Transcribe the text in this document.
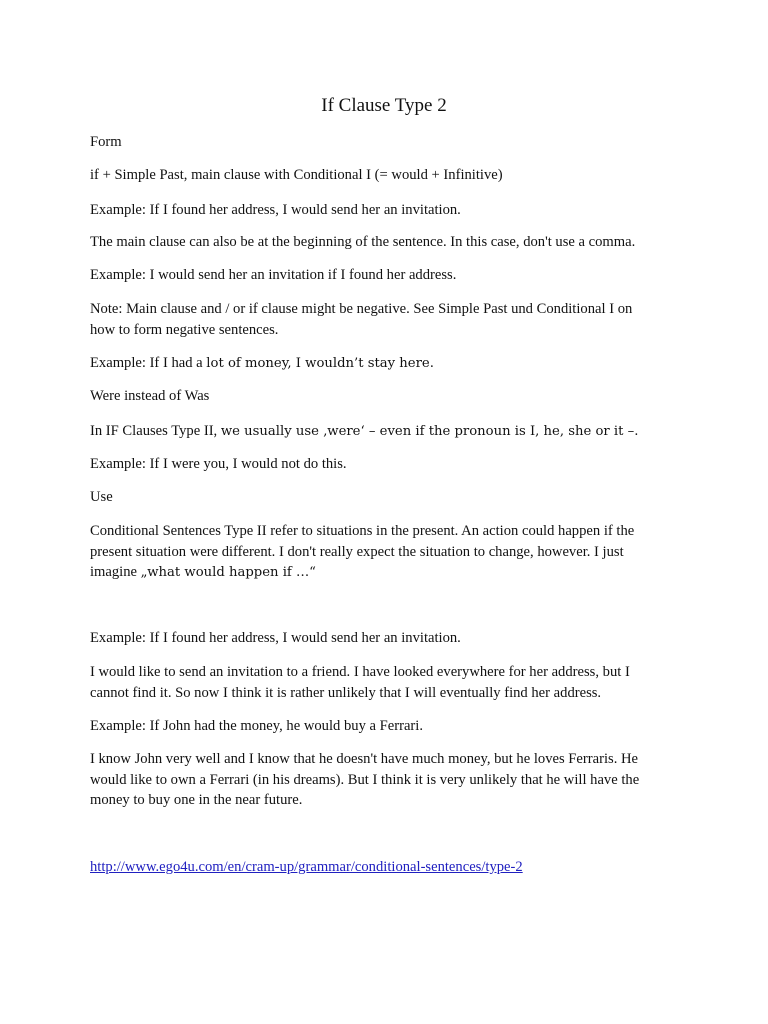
If Clause Type 2

Form

if + Simple Past, main clause with Conditional I (= would + Infinitive)

Example: If I found her address, I would send her an invitation.

The main clause can also be at the beginning of the sentence. In this case, don't use a comma.

Example: I would send her an invitation if I found her address.

Note: Main clause and / or if clause might be negative. See Simple Past und Conditional I on
how to form negative sentences.

Example: If I had a lot of money, I wouldn’t stay here.

Were instead of Was

In IF Clauses Type II, we usually use ‚were‘ – even if the pronoun is I, he, she or it –.

Example: If I were you, I would not do this.

Use

Conditional Sentences Type II refer to situations in the present. An action could happen if the
present situation were different. I don't really expect the situation to change, however. I just
imagine „what would happen if …“

Example: If I found her address, I would send her an invitation.

I would like to send an invitation to a friend. I have looked everywhere for her address, but I
cannot find it. So now I think it is rather unlikely that I will eventually find her address.

Example: If John had the money, he would buy a Ferrari.

I know John very well and I know that he doesn't have much money, but he loves Ferraris. He
would like to own a Ferrari (in his dreams). But I think it is very unlikely that he will have the
money to buy one in the near future.

http://www.ego4u.com/en/cram-up/grammar/conditional-sentences/type-2
